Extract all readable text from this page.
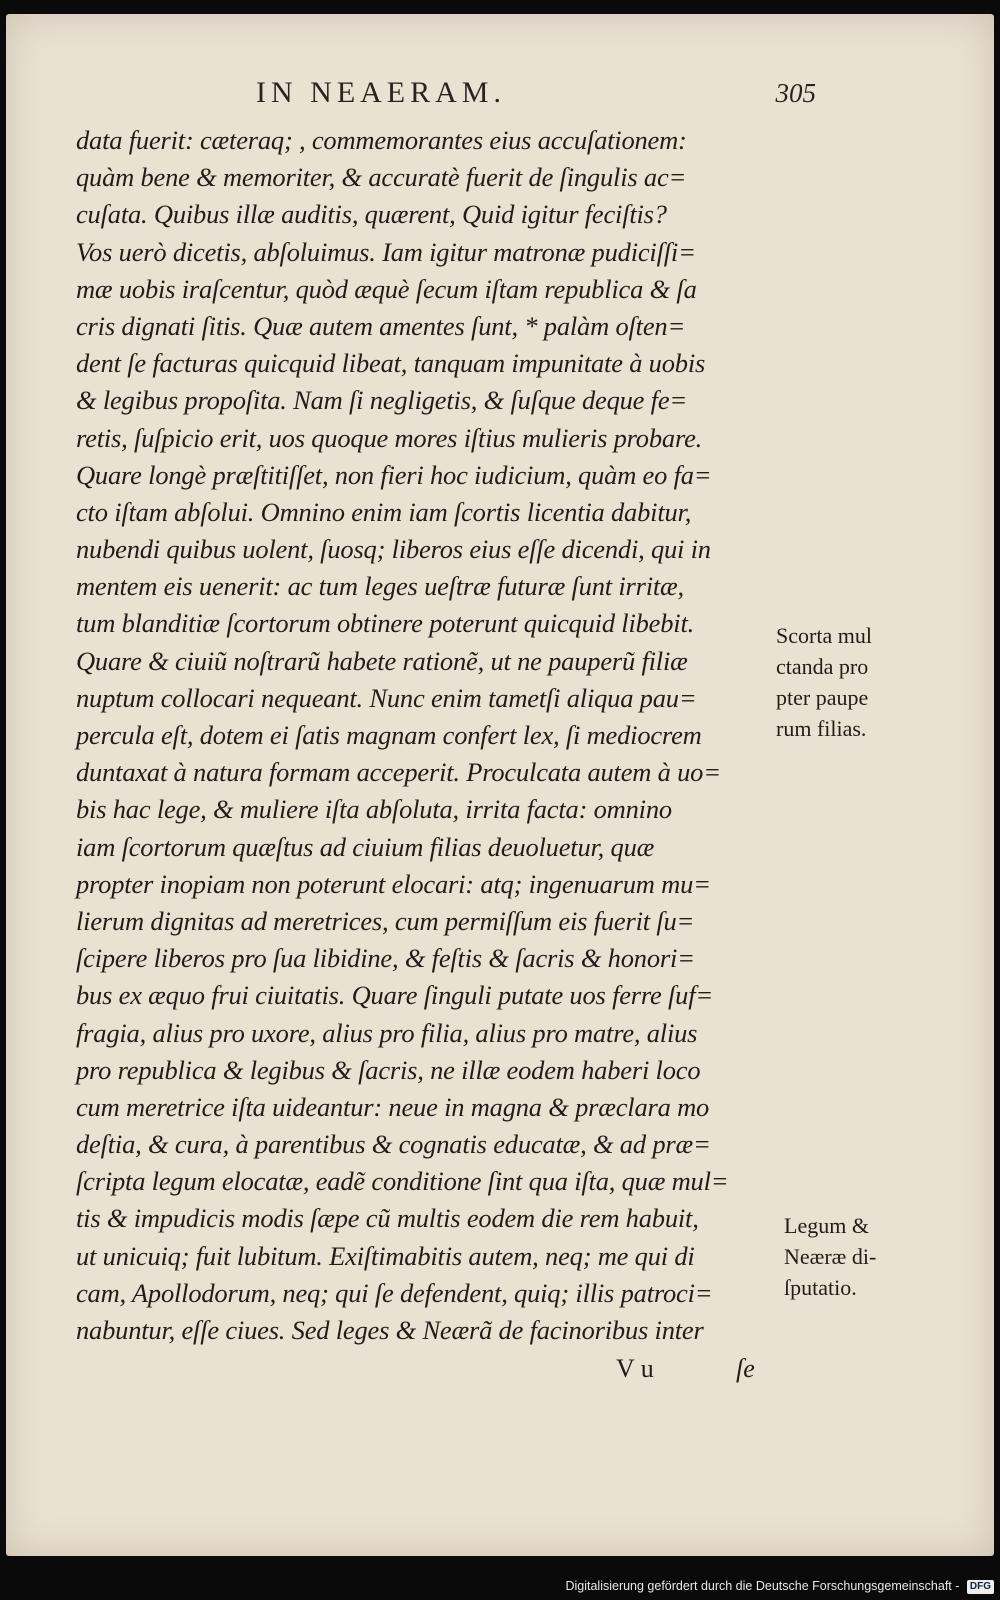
IN NEAERAM.	305
data fuerit: cæteraq; , commemorantes eius accuſationem:
quàm bene & memoriter, & accuratè fuerit de ſingulis ac=
cuſata. Quibus illæ auditis, quærent, Quid igitur feciſtis?
Vos uerò dicetis, abſoluimus. Iam igitur matronæ pudiciſſi=
mæ uobis iraſcentur, quòd æquè ſecum iſtam republica & ſa
cris dignati ſitis. Quæ autem amentes ſunt, * palàm oſten=
dent ſe facturas quicquid libeat, tanquam impunitate à uobis
& legibus propoſita. Nam ſi negligetis, & ſuſque deque fe=
retis, ſuſpicio erit, uos quoque mores iſtius mulieris probare.
Quare longè præſtitiſſet, non fieri hoc iudicium, quàm eo fa=
cto iſtam abſolui. Omnino enim iam ſcortis licentia dabitur,
nubendi quibus uolent, ſuosq; liberos eius eſſe dicendi, qui in
mentem eis uenerit: ac tum leges ueſtræ futuræ ſunt irritæ,
tum blanditiæ ſcortorum obtinere poterunt quicquid libebit.
Quare & ciuiũ noſtrarũ habete rationẽ, ut ne pauperũ filiæ
nuptum collocari nequeant. Nunc enim tametſi aliqua pau=
percula eſt, dotem ei ſatis magnam confert lex, ſi mediocrem
duntaxat à natura formam acceperit. Proculcata autem à uo=
bis hac lege, & muliere iſta abſoluta, irrita facta: omnino
iam ſcortorum quæſtus ad ciuium filias deuoluetur, quæ
propter inopiam non poterunt elocari: atq; ingenuarum mu=
lierum dignitas ad meretrices, cum permiſſum eis fuerit ſu=
ſcipere liberos pro ſua libidine, & feſtis & ſacris & honori=
bus ex æquo frui ciuitatis. Quare ſinguli putate uos ferre ſuf=
fragia, alius pro uxore, alius pro filia, alius pro matre, alius
pro republica & legibus & ſacris, ne illæ eodem haberi loco
cum meretrice iſta uideantur: neue in magna & præclara mo
deſtia, & cura, à parentibus & cognatis educatæ, & ad præ=
ſcripta legum elocatæ, eadẽ conditione ſint qua iſta, quæ mul=
tis & impudicis modis ſæpe cũ multis eodem die rem habuit,
ut unicuiq; fuit lubitum. Exiſtimabitis autem, neq; me qui di
cam, Apollodorum, neq; qui ſe defendent, quiq; illis patroci=
nabuntur, eſſe ciues. Sed leges & Neærã de facinoribus inter
V u	ſe
Scorta mul
ctanda pro
pter paupe
rum filias.
Legum &
Neæræ di-
ſputatio.
Digitalisierung gefördert durch die Deutsche Forschungsgemeinschaft - DFG
